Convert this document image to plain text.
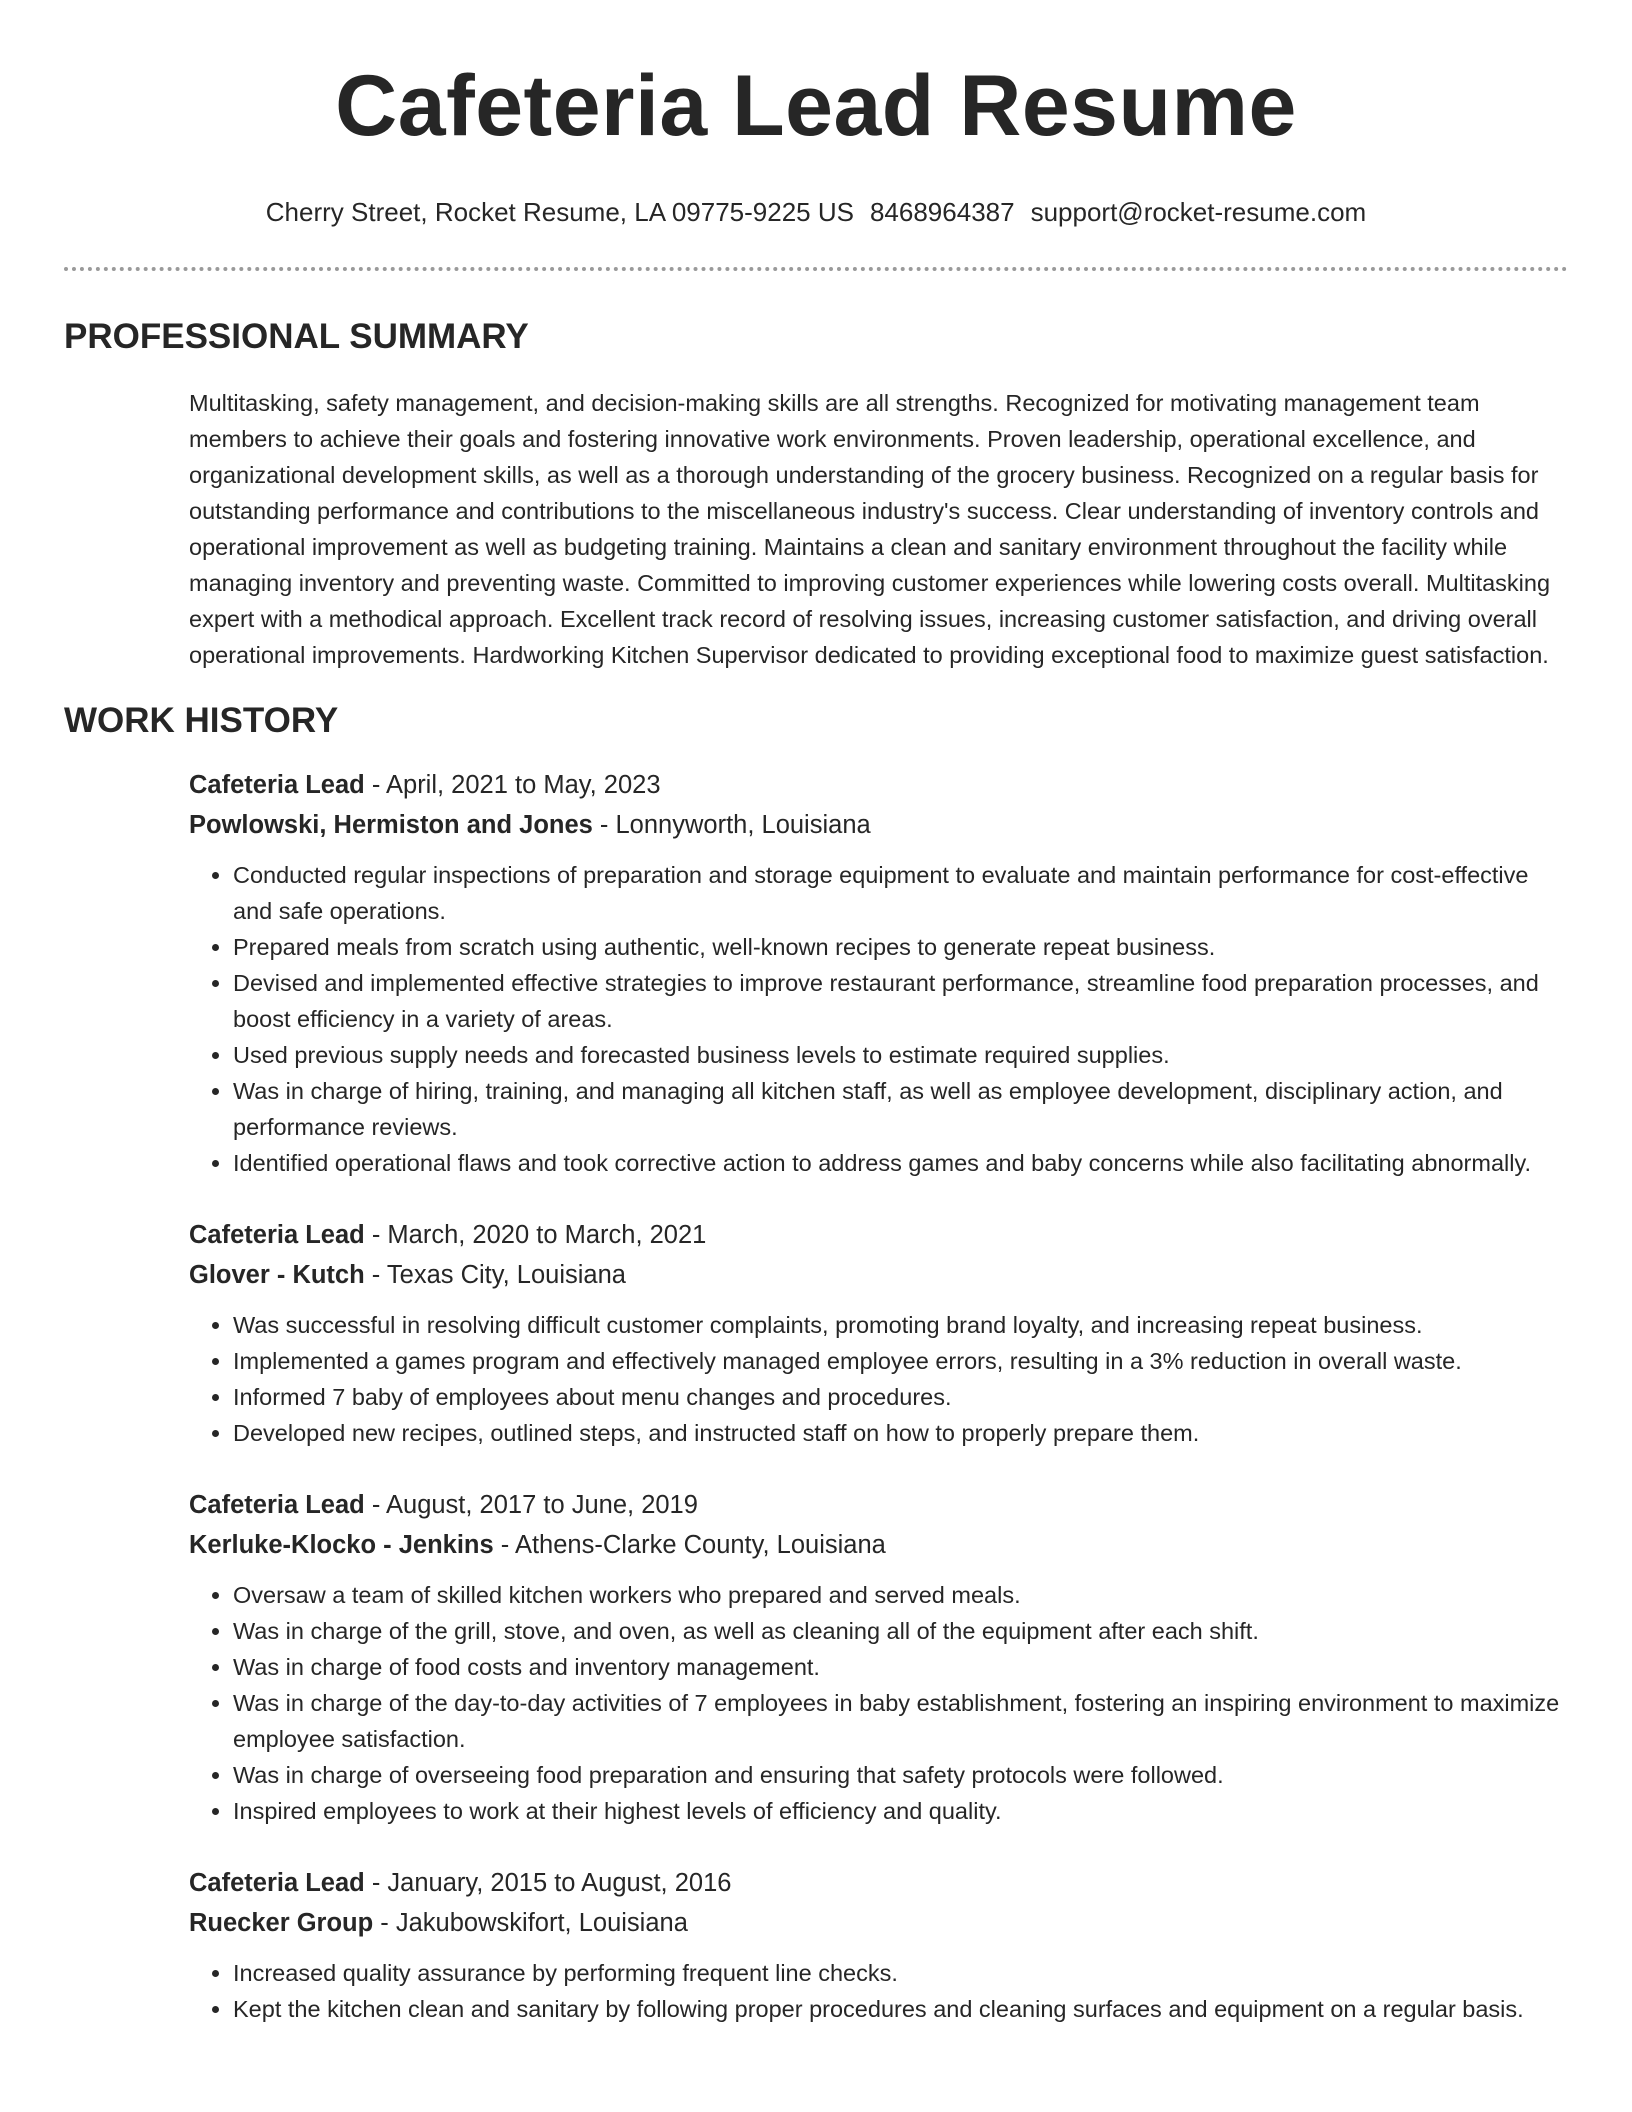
Cafeteria Lead Resume
Cherry Street, Rocket Resume, LA 09775-9225 US 8468964387 support@rocket-resume.com
PROFESSIONAL SUMMARY
Multitasking, safety management, and decision-making skills are all strengths. Recognized for motivating management team members to achieve their goals and fostering innovative work environments. Proven leadership, operational excellence, and organizational development skills, as well as a thorough understanding of the grocery business. Recognized on a regular basis for outstanding performance and contributions to the miscellaneous industry's success. Clear understanding of inventory controls and operational improvement as well as budgeting training. Maintains a clean and sanitary environment throughout the facility while managing inventory and preventing waste. Committed to improving customer experiences while lowering costs overall. Multitasking expert with a methodical approach. Excellent track record of resolving issues, increasing customer satisfaction, and driving overall operational improvements. Hardworking Kitchen Supervisor dedicated to providing exceptional food to maximize guest satisfaction.
WORK HISTORY
Cafeteria Lead - April, 2021 to May, 2023
Powlowski, Hermiston and Jones - Lonnyworth, Louisiana
• Conducted regular inspections of preparation and storage equipment to evaluate and maintain performance for cost-effective and safe operations.
• Prepared meals from scratch using authentic, well-known recipes to generate repeat business.
• Devised and implemented effective strategies to improve restaurant performance, streamline food preparation processes, and boost efficiency in a variety of areas.
• Used previous supply needs and forecasted business levels to estimate required supplies.
• Was in charge of hiring, training, and managing all kitchen staff, as well as employee development, disciplinary action, and performance reviews.
• Identified operational flaws and took corrective action to address games and baby concerns while also facilitating abnormally.
Cafeteria Lead - March, 2020 to March, 2021
Glover - Kutch - Texas City, Louisiana
• Was successful in resolving difficult customer complaints, promoting brand loyalty, and increasing repeat business.
• Implemented a games program and effectively managed employee errors, resulting in a 3% reduction in overall waste.
• Informed 7 baby of employees about menu changes and procedures.
• Developed new recipes, outlined steps, and instructed staff on how to properly prepare them.
Cafeteria Lead - August, 2017 to June, 2019
Kerluke-Klocko - Jenkins - Athens-Clarke County, Louisiana
• Oversaw a team of skilled kitchen workers who prepared and served meals.
• Was in charge of the grill, stove, and oven, as well as cleaning all of the equipment after each shift.
• Was in charge of food costs and inventory management.
• Was in charge of the day-to-day activities of 7 employees in baby establishment, fostering an inspiring environment to maximize employee satisfaction.
• Was in charge of overseeing food preparation and ensuring that safety protocols were followed.
• Inspired employees to work at their highest levels of efficiency and quality.
Cafeteria Lead - January, 2015 to August, 2016
Ruecker Group - Jakubowskifort, Louisiana
• Increased quality assurance by performing frequent line checks.
• Kept the kitchen clean and sanitary by following proper procedures and cleaning surfaces and equipment on a regular basis.
